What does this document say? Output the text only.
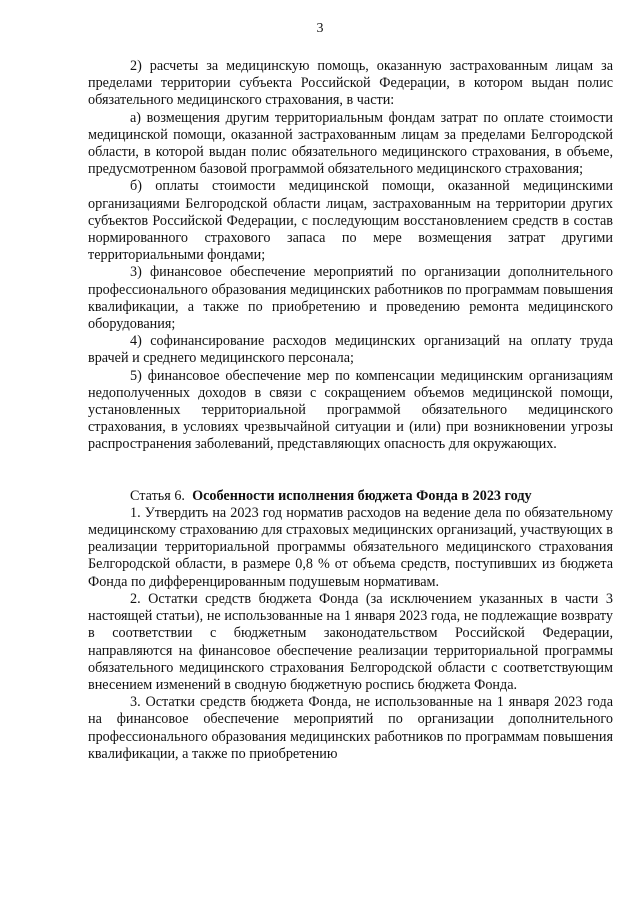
3

2) расчеты за медицинскую помощь, оказанную застрахованным лицам за пределами территории субъекта Российской Федерации, в котором выдан полис обязательного медицинского страхования, в части:

а) возмещения другим территориальным фондам затрат по оплате стоимости медицинской помощи, оказанной застрахованным лицам за пределами Белгородской области, в которой выдан полис обязательного медицинского страхования, в объеме, предусмотренном базовой программой обязательного медицинского страхования;

б) оплаты стоимости медицинской помощи, оказанной медицинскими организациями Белгородской области лицам, застрахованным на территории других субъектов Российской Федерации, с последующим восстановлением средств в состав нормированного страхового запаса по мере возмещения затрат другими территориальными фондами;

3) финансовое обеспечение мероприятий по организации дополнительного профессионального образования медицинских работников по программам повышения квалификации, а также по приобретению и проведению ремонта медицинского оборудования;

4) софинансирование расходов медицинских организаций на оплату труда врачей и среднего медицинского персонала;

5) финансовое обеспечение мер по компенсации медицинским организациям недополученных доходов в связи с сокращением объемов медицинской помощи, установленных территориальной программой обязательного медицинского страхования, в условиях чрезвычайной ситуации и (или) при возникновении угрозы распространения заболеваний, представляющих опасность для окружающих.

Статья 6. Особенности исполнения бюджета Фонда в 2023 году

1. Утвердить на 2023 год норматив расходов на ведение дела по обязательному медицинскому страхованию для страховых медицинских организаций, участвующих в реализации территориальной программы обязательного медицинского страхования Белгородской области, в размере 0,8 % от объема средств, поступивших из бюджета Фонда по дифференцированным подушевым нормативам.

2. Остатки средств бюджета Фонда (за исключением указанных в части 3 настоящей статьи), не использованные на 1 января 2023 года, не подлежащие возврату в соответствии с бюджетным законодательством Российской Федерации, направляются на финансовое обеспечение реализации территориальной программы обязательного медицинского страхования Белгородской области с соответствующим внесением изменений в сводную бюджетную роспись бюджета Фонда.

3. Остатки средств бюджета Фонда, не использованные на 1 января 2023 года на финансовое обеспечение мероприятий по организации дополнительного профессионального образования медицинских работников по программам повышения квалификации, а также по приобретению
